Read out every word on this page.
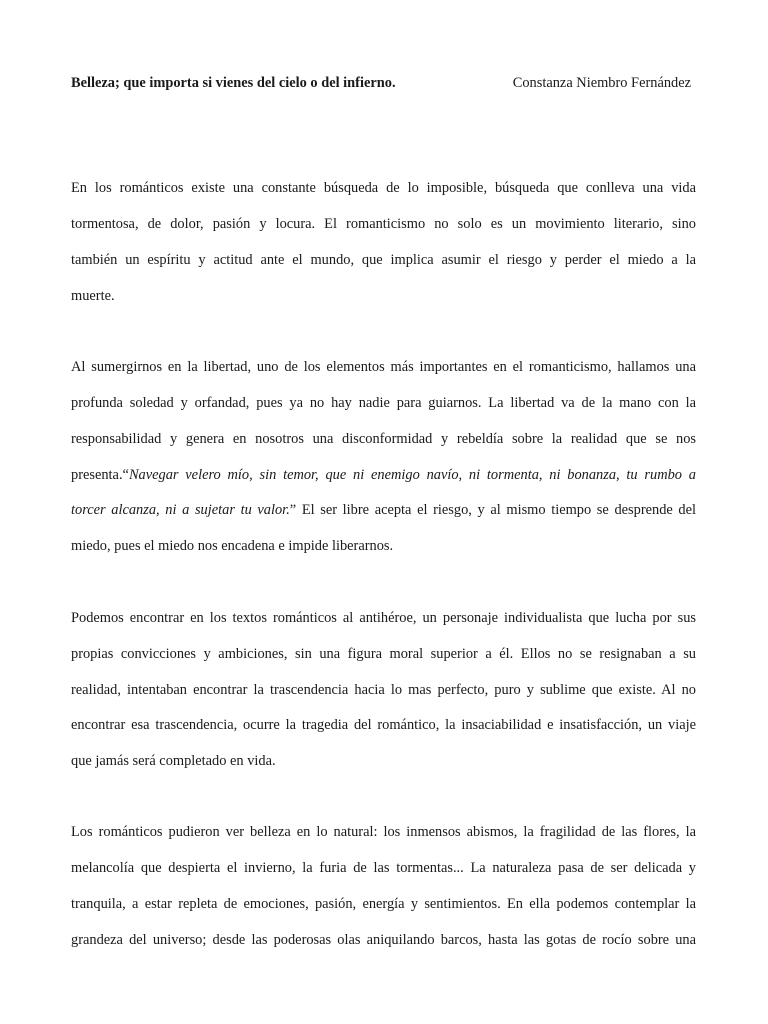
Belleza; que importa si vienes del cielo o del infierno.	Constanza Niembro Fernández
En los románticos existe una constante búsqueda de lo imposible, búsqueda que conlleva una vida
tormentosa, de dolor, pasión y locura. El romanticismo no solo es un movimiento literario, sino
también un espíritu y actitud ante el mundo, que implica asumir el riesgo y perder el miedo a la
muerte.
Al sumergirnos en la libertad, uno de los elementos más importantes en el romanticismo, hallamos una
profunda soledad y orfandad, pues ya no hay nadie para guiarnos. La libertad va de la mano con la
responsabilidad y genera en nosotros una disconformidad y rebeldía sobre la realidad que se nos
presenta.“Navegar velero mío, sin temor, que ni enemigo navío, ni tormenta, ni bonanza, tu rumbo a
torcer alcanza, ni a sujetar tu valor.” El ser libre acepta el riesgo, y al mismo tiempo se desprende del
miedo, pues el miedo nos encadena e impide liberarnos.
Podemos encontrar en los textos románticos al antihéroe, un personaje individualista que lucha por sus
propias convicciones y ambiciones, sin una figura moral superior a él. Ellos no se resignaban a su
realidad, intentaban encontrar la trascendencia hacia lo mas perfecto, puro y sublime que existe. Al no
encontrar esa trascendencia, ocurre la tragedia del romántico, la insaciabilidad e insatisfacción, un viaje
que jamás será completado en vida.
Los románticos pudieron ver belleza en lo natural: los inmensos abismos, la fragilidad de las flores, la
melancolía que despierta el invierno, la furia de las tormentas... La naturaleza pasa de ser delicada y
tranquila, a estar repleta de emociones, pasión, energía y sentimientos. En ella podemos contemplar la
grandeza del universo; desde las poderosas olas aniquilando barcos, hasta las gotas de rocío sobre una
